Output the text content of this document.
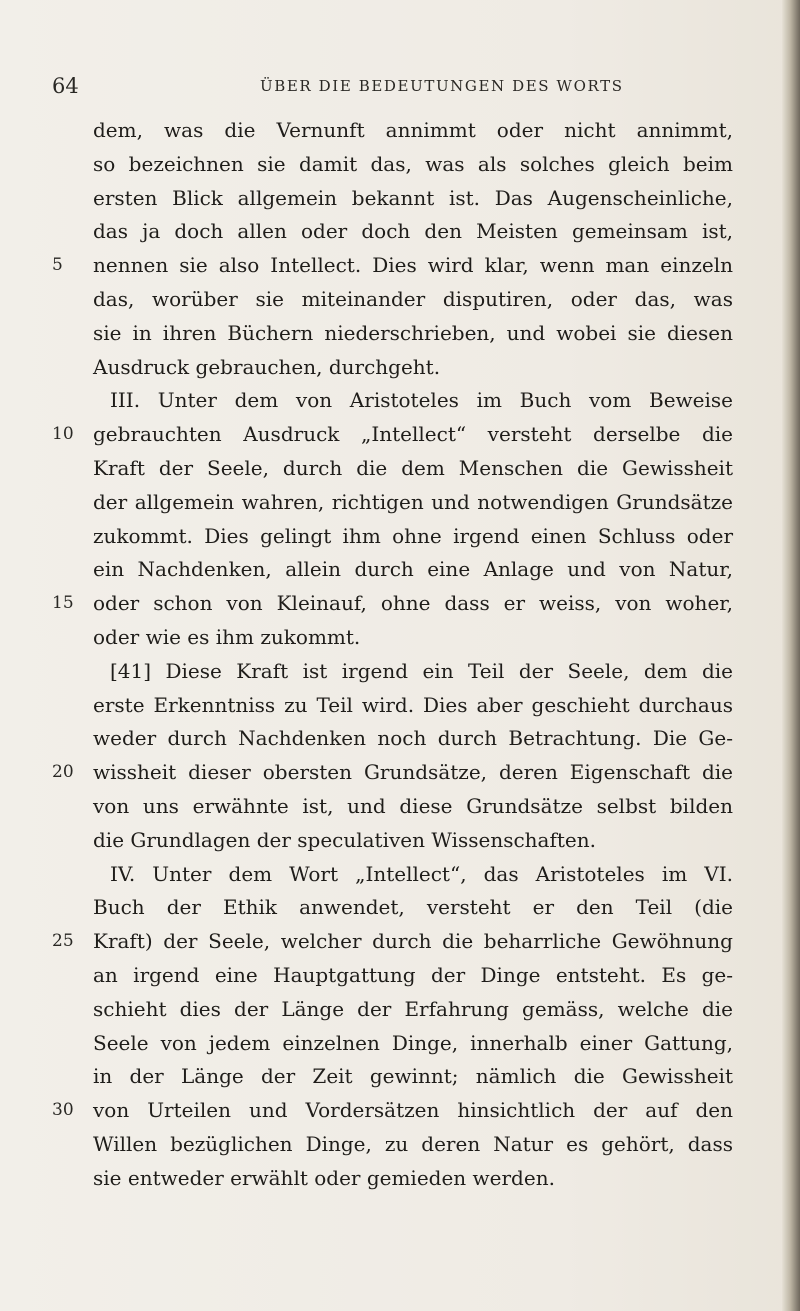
64	ÜBER DIE BEDEUTUNGEN DES WORTS
dem, was die Vernunft annimmt oder nicht annimmt,
so bezeichnen sie damit das, was als solches gleich beim
ersten Blick allgemein bekannt ist. Das Augenscheinliche,
das ja doch allen oder doch den Meisten gemeinsam ist,
5	nennen sie also Intellect. Dies wird klar, wenn man einzeln
das, worüber sie miteinander disputiren, oder das, was
sie in ihren Büchern niederschrieben, und wobei sie diesen
Ausdruck gebrauchen, durchgeht.
III. Unter dem von Aristoteles im Buch vom Beweise
10 gebrauchten Ausdruck „Intellect“ versteht derselbe die
Kraft der Seele, durch die dem Menschen die Gewissheit
der allgemein wahren, richtigen und notwendigen Grundsätze
zukommt. Dies gelingt ihm ohne irgend einen Schluss oder
ein Nachdenken, allein durch eine Anlage und von Natur,
15 oder schon von Kleinauf, ohne dass er weiss, von woher,
oder wie es ihm zukommt.
[41] Diese Kraft ist irgend ein Teil der Seele, dem die
erste Erkenntniss zu Teil wird. Dies aber geschieht durchaus
weder durch Nachdenken noch durch Betrachtung. Die Ge-
20 wissheit dieser obersten Grundsätze, deren Eigenschaft die
von uns erwähnte ist, und diese Grundsätze selbst bilden
die Grundlagen der speculativen Wissenschaften.
IV. Unter dem Wort „Intellect“, das Aristoteles im VI.
Buch der Ethik anwendet, versteht er den Teil (die
25 Kraft) der Seele, welcher durch die beharrliche Gewöhnung
an irgend eine Hauptgattung der Dinge entsteht. Es ge-
schieht dies der Länge der Erfahrung gemäss, welche die
Seele von jedem einzelnen Dinge, innerhalb einer Gattung,
in der Länge der Zeit gewinnt; nämlich die Gewissheit
30 von Urteilen und Vordersätzen hinsichtlich der auf den
Willen bezüglichen Dinge, zu deren Natur es gehört, dass
sie entweder erwählt oder gemieden werden.
